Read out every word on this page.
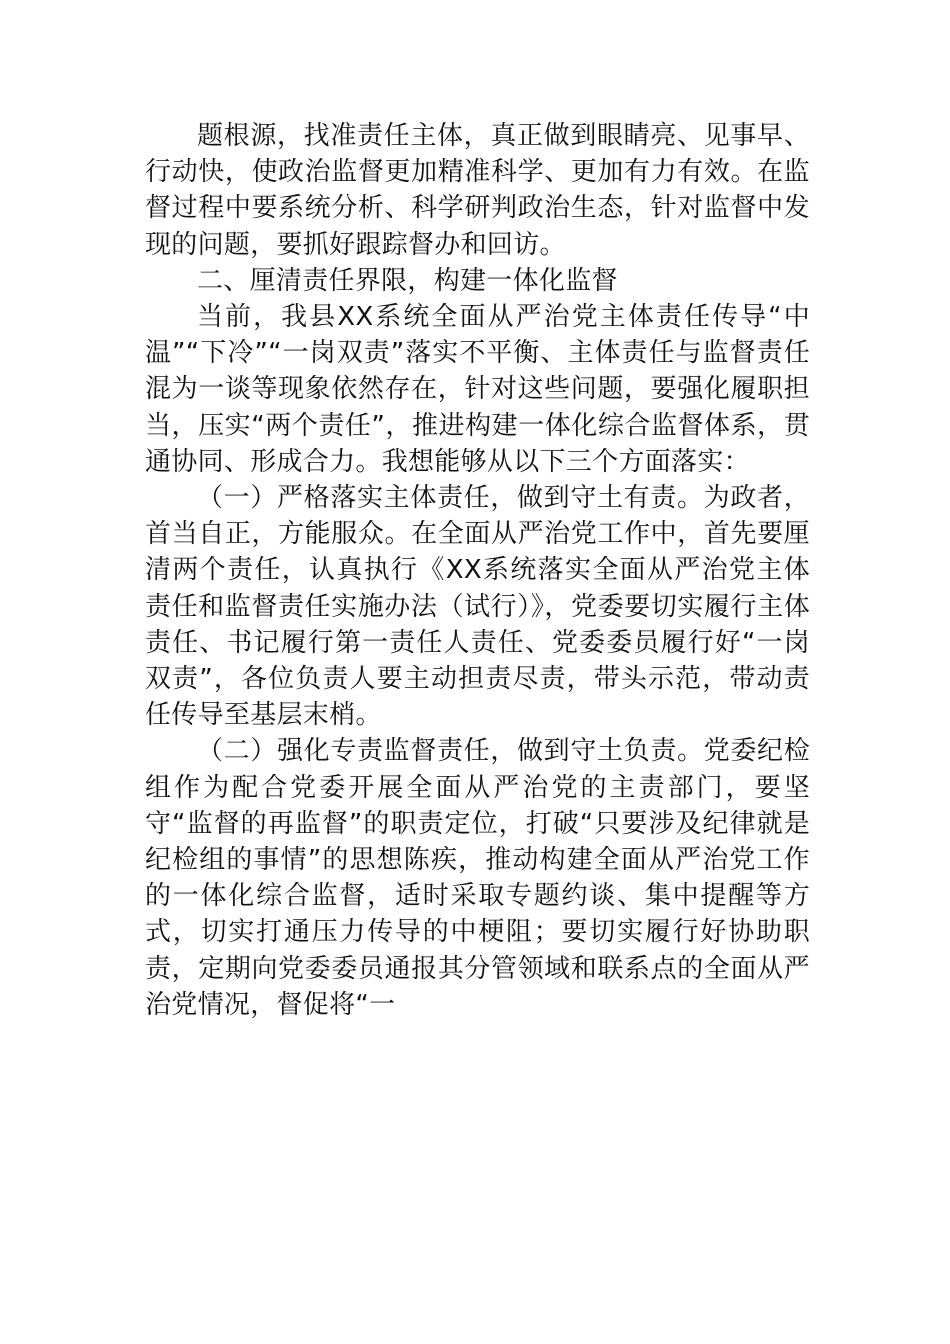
题根源，找准责任主体，真正做到眼睛亮、见事早、行动快，使政治监督更加精准科学、更加有力有效。在监督过程中要系统分析、科学研判政治生态，针对监督中发现的问题，要抓好跟踪督办和回访。

二、厘清责任界限，构建一体化监督

当前，我县XX系统全面从严治党主体责任传导“中温”“下冷”“一岗双责”落实不平衡、主体责任与监督责任混为一谈等现象依然存在，针对这些问题，要强化履职担当，压实“两个责任”，推进构建一体化综合监督体系，贯通协同、形成合力。我想能够从以下三个方面落实：

（一）严格落实主体责任，做到守土有责。为政者，首当自正，方能服众。在全面从严治党工作中，首先要厘清两个责任，认真执行《XX系统落实全面从严治党主体责任和监督责任实施办法（试行）》，党委要切实履行主体责任、书记履行第一责任人责任、党委委员履行好“一岗双责”，各位负责人要主动担责尽责，带头示范，带动责任传导至基层末梢。

（二）强化专责监督责任，做到守土负责。党委纪检组作为配合党委开展全面从严治党的主责部门，要坚守“监督的再监督”的职责定位，打破“只要涉及纪律就是纪检组的事情”的思想陈疾，推动构建全面从严治党工作的一体化综合监督，适时采取专题约谈、集中提醒等方式，切实打通压力传导的中梗阻；要切实履行好协助职责，定期向党委委员通报其分管领域和联系点的全面从严治党情况，督促将“一
